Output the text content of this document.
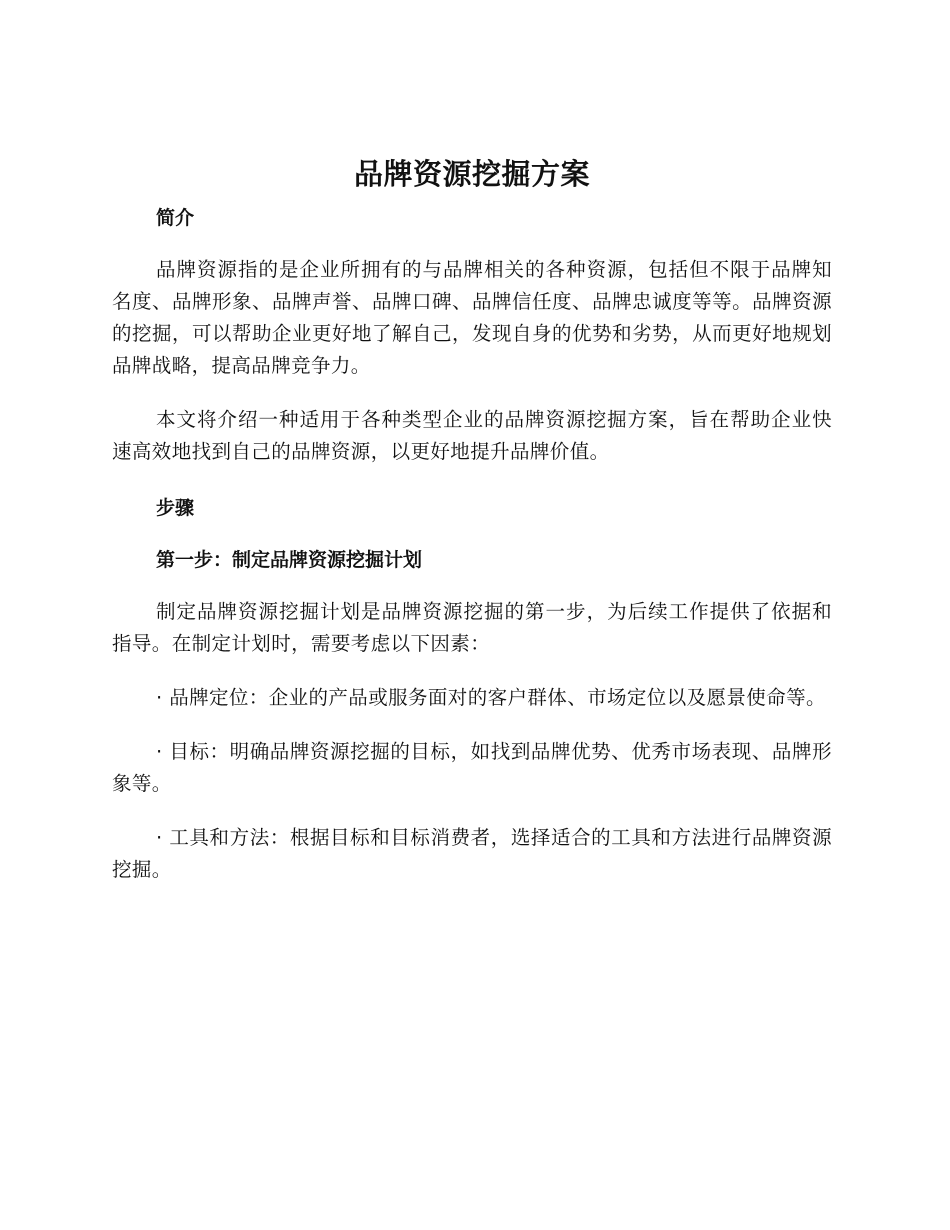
品牌资源挖掘方案
简介

品牌资源指的是企业所拥有的与品牌相关的各种资源，包括但不限于品牌知名度、品牌形象、品牌声誉、品牌口碑、品牌信任度、品牌忠诚度等等。品牌资源的挖掘，可以帮助企业更好地了解自己，发现自身的优势和劣势，从而更好地规划品牌战略，提高品牌竞争力。

本文将介绍一种适用于各种类型企业的品牌资源挖掘方案，旨在帮助企业快速高效地找到自己的品牌资源，以更好地提升品牌价值。

步骤
第一步：制定品牌资源挖掘计划

制定品牌资源挖掘计划是品牌资源挖掘的第一步，为后续工作提供了依据和指导。在制定计划时，需要考虑以下因素：

· 品牌定位：企业的产品或服务面对的客户群体、市场定位以及愿景使命等。

· 目标：明确品牌资源挖掘的目标，如找到品牌优势、优秀市场表现、品牌形象等。

· 工具和方法：根据目标和目标消费者，选择适合的工具和方法进行品牌资源挖掘。
